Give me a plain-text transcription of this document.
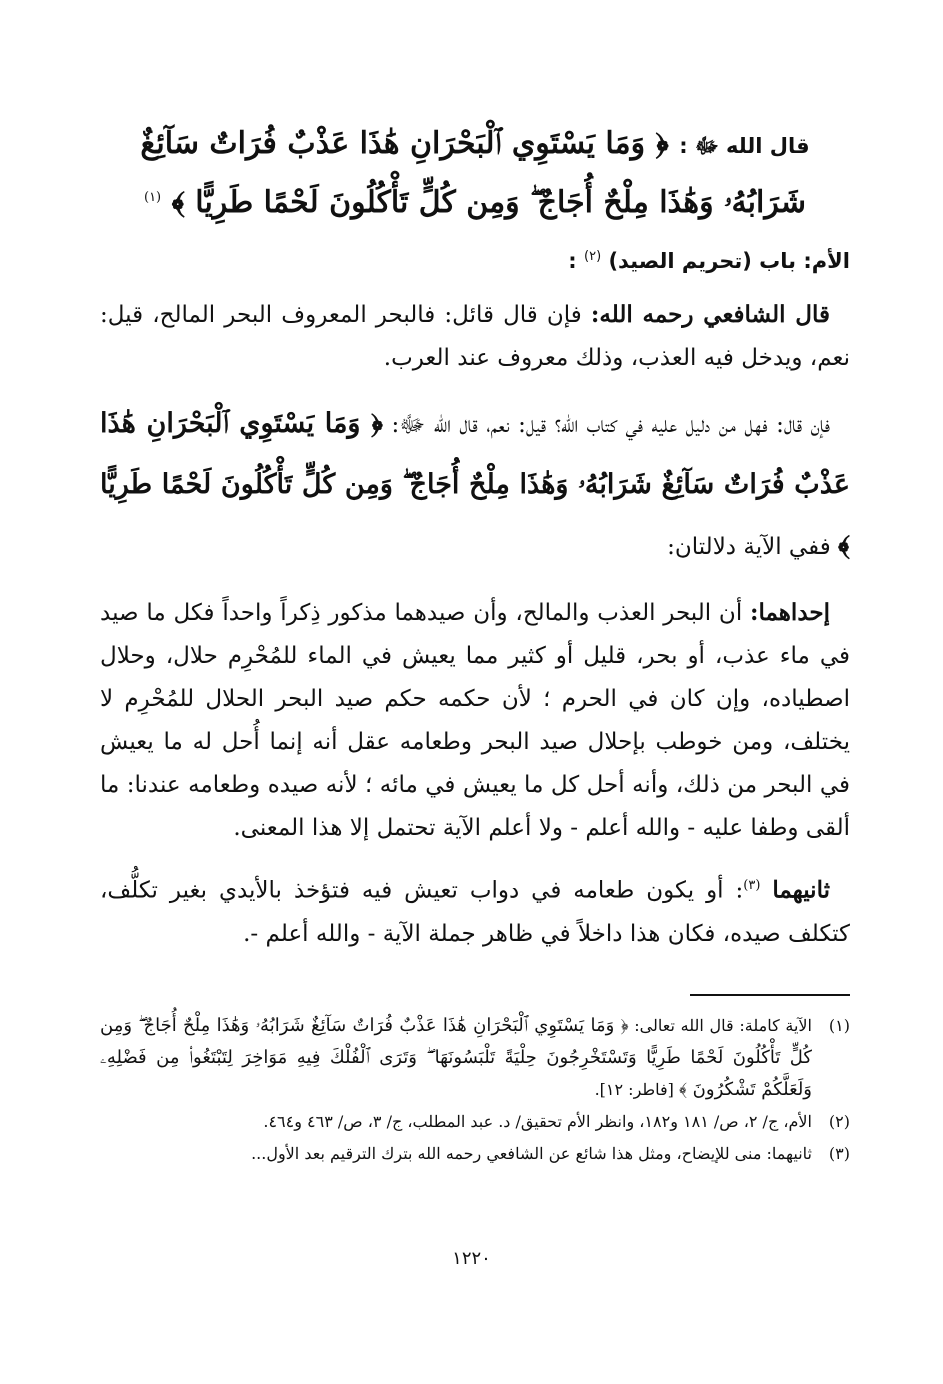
قال الله ﷻ : ﴿ وَمَا يَسْتَوِي ٱلْبَحْرَانِ هَٰذَا عَذْبٌ فُرَاتٌ سَآئِغٌ شَرَابُهُۥ وَهَٰذَا مِلْحٌ أُجَاجٌ ۖ وَمِن كُلٍّ تَأْكُلُونَ لَحْمًا طَرِيًّا ﴾ $^{(١)}$
الأم: باب (تحريم الصيد) $^{(٢)}$ :

قال الشافعي رحمه الله: فإن قال قائل: فالبحر المعروف البحر المالح، قيل: نعم، ويدخل فيه العذب، وذلك معروف عند العرب.

فإن قال: فهل من دليل عليه في كتاب الله؟ قيل: نعم، قال الله ﷻ: ﴿ وَمَا يَسْتَوِي ٱلْبَحْرَانِ هَٰذَا عَذْبٌ فُرَاتٌ سَآئِغٌ شَرَابُهُۥ وَهَٰذَا مِلْحٌ أُجَاجٌ ۖ وَمِن كُلٍّ تَأْكُلُونَ لَحْمًا طَرِيًّا ﴾ ففي الآية دلالتان:

إحداهما: أن البحر العذب والمالح، وأن صيدهما مذكور ذِكراً واحداً فكل ما صيد في ماء عذب، أو بحر، قليل أو كثير مما يعيش في الماء للمُحْرِم حلال، وحلال اصطياده، وإن كان في الحرم ؛ لأن حكمه حكم صيد البحر الحلال للمُحْرِم لا يختلف، ومن خوطب بإحلال صيد البحر وطعامه عقل أنه إنما أُحل له ما يعيش في البحر من ذلك، وأنه أحل كل ما يعيش في مائه ؛ لأنه صيده وطعامه عندنا: ما ألقى وطفا عليه - والله أعلم - ولا أعلم الآية تحتمل إلا هذا المعنى.

ثانيهما $^{(٣)}$: أو يكون طعامه في دواب تعيش فيه فتؤخذ بالأيدي بغير تكلُّف، كتكلف صيده، فكان هذا داخلاً في ظاهر جملة الآية - والله أعلم -.

(١)
الآية كاملة: قال الله تعالى: ﴿ وَمَا يَسْتَوِي ٱلْبَحْرَانِ هَٰذَا عَذْبٌ فُرَاتٌ سَآئِغٌ شَرَابُهُۥ وَهَٰذَا مِلْحٌ أُجَاجٌ ۖ وَمِن كُلٍّ تَأْكُلُونَ لَحْمًا طَرِيًّا وَتَسْتَخْرِجُونَ حِلْيَةً تَلْبَسُونَهَا ۖ وَتَرَى ٱلْفُلْكَ فِيهِ مَوَاخِرَ لِتَبْتَغُوا۟ مِن فَضْلِهِۦ وَلَعَلَّكُمْ تَشْكُرُونَ ﴾ [فاطر: ١٢].
(٢)
الأم، ج/ ٢، ص/ ١٨١ و١٨٢، وانظر الأم تحقيق/ د. عبد المطلب، ج/ ٣، ص/ ٤٦٣ و٤٦٤.
(٣)
ثانيهما: منى للإيضاح، ومثل هذا شائع عن الشافعي رحمه الله بترك الترقيم بعد الأول...
١٢٢٠
